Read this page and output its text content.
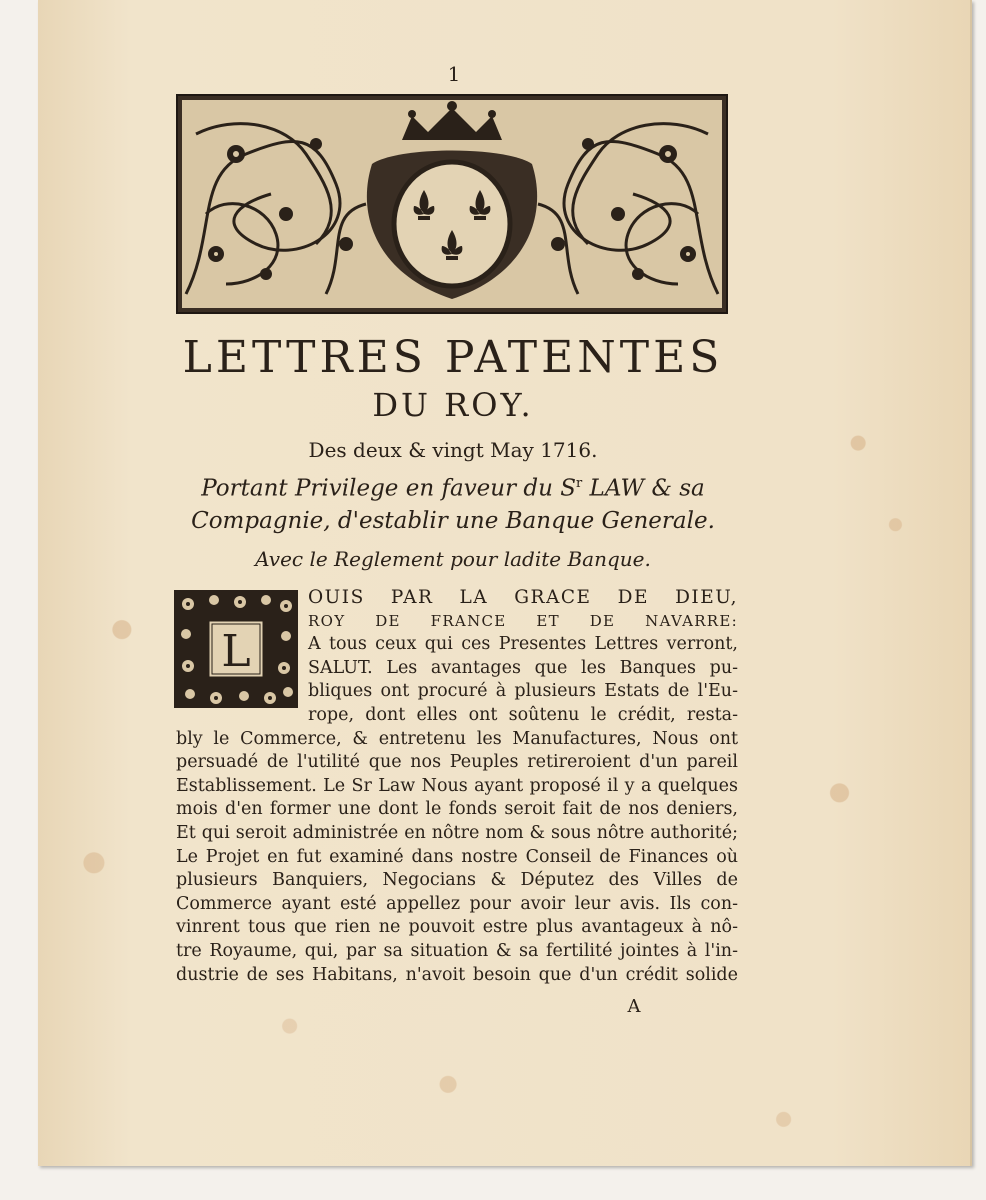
1
LETTRES PATENTES
DU ROY.
Des deux & vingt May 1716.
Portant Privilege en faveur du $S^r$ LAW & sa Compagnie, d'establir une Banque Generale.
Avec le Reglement pour ladite Banque.
L
OUIS PAR LA GRACE DE DIEU,
ROY DE FRANCE ET DE NAVARRE:
A tous ceux qui ces Presentes Lettres verront,
SALUT. Les avantages que les Banques pu-
bliques ont procuré à plusieurs Estats de l'Eu-
rope, dont elles ont soûtenu le crédit, resta-
bly le Commerce, & entretenu les Manufactures, Nous ont
persuadé de l'utilité que nos Peuples retireroient d'un pareil
Establissement. Le Sr Law Nous ayant proposé il y a quelques
mois d'en former une dont le fonds seroit fait de nos deniers,
Et qui seroit administrée en nôtre nom & sous nôtre authorité;
Le Projet en fut examiné dans nostre Conseil de Finances où
plusieurs Banquiers, Negocians & Députez des Villes de
Commerce ayant esté appellez pour avoir leur avis. Ils con-
vinrent tous que rien ne pouvoit estre plus avantageux à nô-
tre Royaume, qui, par sa situation & sa fertilité jointes à l'in-
dustrie de ses Habitans, n'avoit besoin que d'un crédit solide
A
